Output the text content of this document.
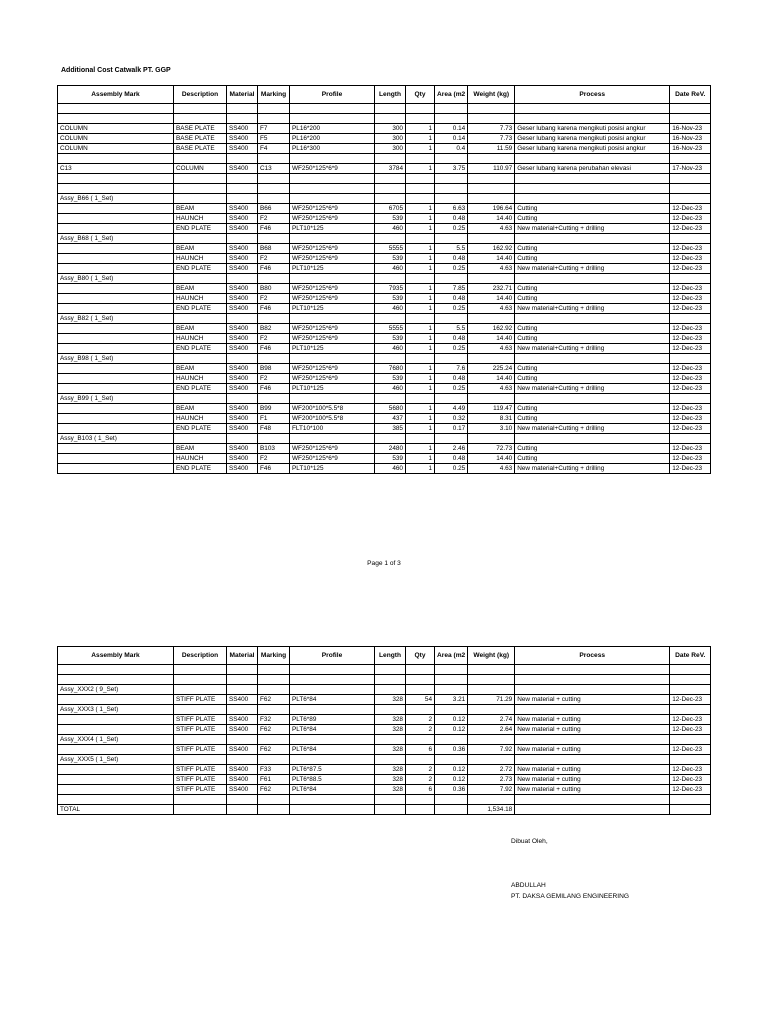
Additional Cost Catwalk PT. GGP
Assembly Mark	Description	Material	Marking	Profile	Length	Qty	Area (m2	Weight (kg)	Process	Date ReV.

COLUMN	BASE PLATE	SS400	F7	PL16*200	300	1	0.14	7.73	Geser lubang karena mengikuti posisi angkur	16-Nov-23
COLUMN	BASE PLATE	SS400	F5	PL16*200	300	1	0.14	7.73	Geser lubang karena mengikuti posisi angkur	16-Nov-23
COLUMN	BASE PLATE	SS400	F4	PL16*300	300	1	0.4	11.59	Geser lubang karena mengikuti posisi angkur	16-Nov-23

C13	COLUMN	SS400	C13	WF250*125*6*9	3784	1	3.75	110.97	Geser lubang karena perubahan elevasi	17-Nov-23

Assy_B66 ( 1_Set)										
	BEAM	SS400	B66	WF250*125*6*9	6705	1	6.63	196.64	Cutting	12-Dec-23
	HAUNCH	SS400	F2	WF250*125*6*9	539	1	0.48	14.40	Cutting	12-Dec-23
	END PLATE	SS400	F46	PLT10*125	460	1	0.25	4.63	New material+Cutting + drilling	12-Dec-23
Assy_B68 ( 1_Set)										
	BEAM	SS400	B68	WF250*125*6*9	5555	1	5.5	162.92	Cutting	12-Dec-23
	HAUNCH	SS400	F2	WF250*125*6*9	539	1	0.48	14.40	Cutting	12-Dec-23
	END PLATE	SS400	F46	PLT10*125	460	1	0.25	4.63	New material+Cutting + drilling	12-Dec-23
Assy_B80 ( 1_Set)										
	BEAM	SS400	B80	WF250*125*6*9	7935	1	7.85	232.71	Cutting	12-Dec-23
	HAUNCH	SS400	F2	WF250*125*6*9	539	1	0.48	14.40	Cutting	12-Dec-23
	END PLATE	SS400	F46	PLT10*125	460	1	0.25	4.63	New material+Cutting + drilling	12-Dec-23
Assy_B82 ( 1_Set)										
	BEAM	SS400	B82	WF250*125*6*9	5555	1	5.5	162.92	Cutting	12-Dec-23
	HAUNCH	SS400	F2	WF250*125*6*9	539	1	0.48	14.40	Cutting	12-Dec-23
	END PLATE	SS400	F46	PLT10*125	460	1	0.25	4.63	New material+Cutting + drilling	12-Dec-23
Assy_B98 ( 1_Set)										
	BEAM	SS400	B98	WF250*125*6*9	7680	1	7.6	225.24	Cutting	12-Dec-23
	HAUNCH	SS400	F2	WF250*125*6*9	539	1	0.48	14.40	Cutting	12-Dec-23
	END PLATE	SS400	F46	PLT10*125	460	1	0.25	4.63	New material+Cutting + drilling	12-Dec-23
Assy_B99 ( 1_Set)										
	BEAM	SS400	B99	WF200*100*5.5*8	5680	1	4.49	119.47	Cutting	12-Dec-23
	HAUNCH	SS400	F1	WF200*100*5.5*8	437	1	0.32	8.31	Cutting	12-Dec-23
	END PLATE	SS400	F48	FLT10*100	385	1	0.17	3.10	New material+Cutting + drilling	12-Dec-23
Assy_B103 ( 1_Set)										
	BEAM	SS400	B103	WF250*125*6*9	2480	1	2.46	72.73	Cutting	12-Dec-23
	HAUNCH	SS400	F2	WF250*125*6*9	539	1	0.48	14.40	Cutting	12-Dec-23
	END PLATE	SS400	F46	PLT10*125	460	1	0.25	4.63	New material+Cutting + drilling	12-Dec-23
Page 1 of 3
Assembly Mark	Description	Material	Marking	Profile	Length	Qty	Area (m2	Weight (kg)	Process	Date ReV.

Assy_XXX2 ( 9_Set)										
	STIFF PLATE	SS400	F62	PLT6*84	328	54	3.21	71.29	New material + cutting	12-Dec-23
Assy_XXX3 ( 1_Set)										
	STIFF PLATE	SS400	F32	PLT6*89	328	2	0.12	2.74	New material + cutting	12-Dec-23
	STIFF PLATE	SS400	F62	PLT6*84	328	2	0.12	2.64	New material + cutting	12-Dec-23
Assy_XXX4 ( 1_Set)										
	STIFF PLATE	SS400	F62	PLT6*84	328	6	0.36	7.92	New material + cutting	12-Dec-23
Assy_XXX5 ( 1_Set)										
	STIFF PLATE	SS400	F33	PLT6*87.5	328	2	0.12	2.72	New material + cutting	12-Dec-23
	STIFF PLATE	SS400	F61	PLT6*88.5	328	2	0.12	2.73	New material + cutting	12-Dec-23
	STIFF PLATE	SS400	F62	PLT6*84	328	6	0.36	7.92	New material + cutting	12-Dec-23

TOTAL								1,534.18		
Dibuat Oleh,
ABDULLAH
PT. DAKSA GEMILANG ENGINEERING
